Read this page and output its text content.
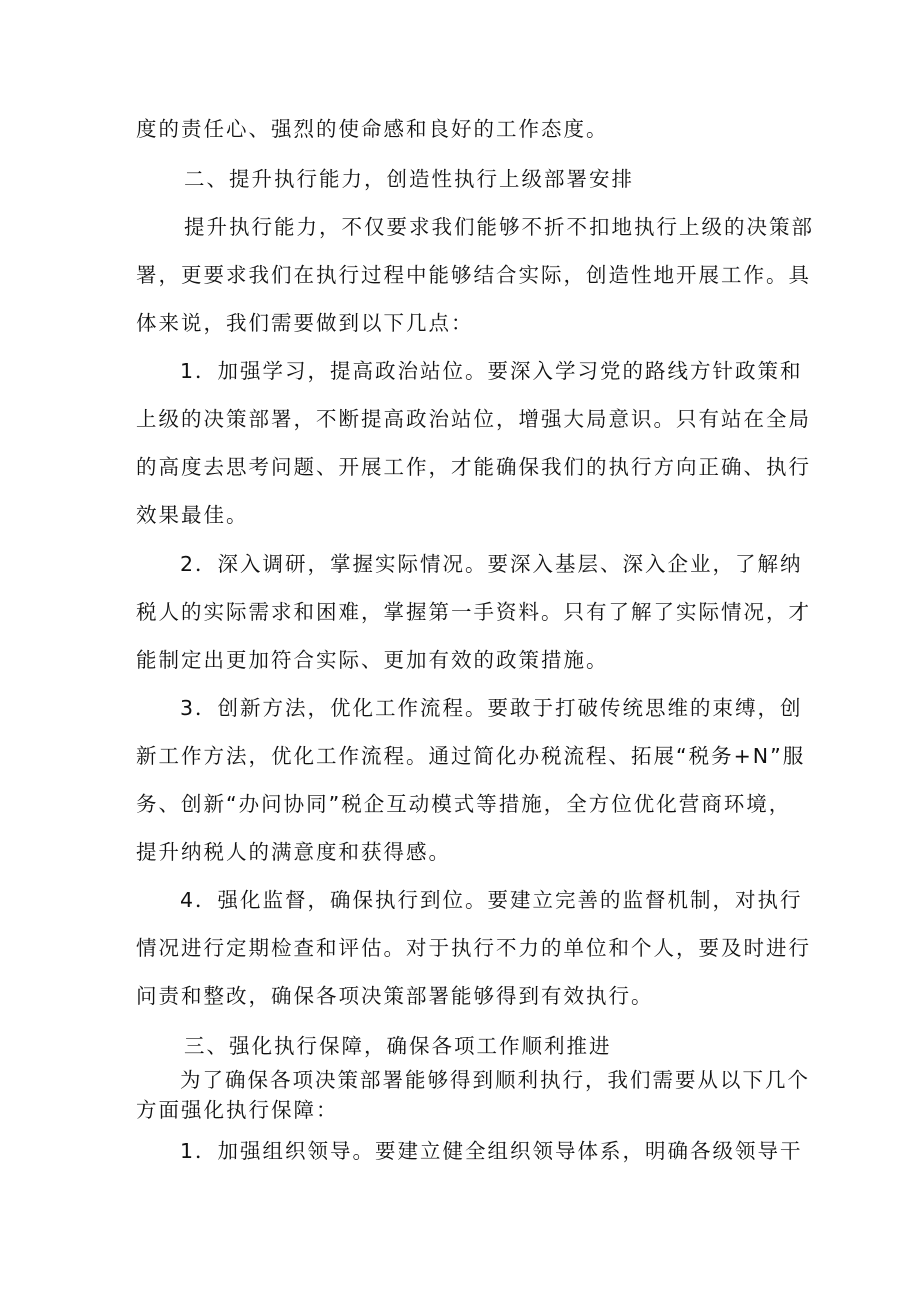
度的责任心、强烈的使命感和良好的工作态度。
二、提升执行能力，创造性执行上级部署安排
提升执行能力，不仅要求我们能够不折不扣地执行上级的决策部
署，更要求我们在执行过程中能够结合实际，创造性地开展工作。具
体来说，我们需要做到以下几点：
1．加强学习，提高政治站位。要深入学习党的路线方针政策和
上级的决策部署，不断提高政治站位，增强大局意识。只有站在全局
的高度去思考问题、开展工作，才能确保我们的执行方向正确、执行
效果最佳。
2．深入调研，掌握实际情况。要深入基层、深入企业，了解纳
税人的实际需求和困难，掌握第一手资料。只有了解了实际情况，才
能制定出更加符合实际、更加有效的政策措施。
3．创新方法，优化工作流程。要敢于打破传统思维的束缚，创
新工作方法，优化工作流程。通过简化办税流程、拓展“税务+N”服
务、创新“办问协同”税企互动模式等措施，全方位优化营商环境，
提升纳税人的满意度和获得感。
4．强化监督，确保执行到位。要建立完善的监督机制，对执行
情况进行定期检查和评估。对于执行不力的单位和个人，要及时进行
问责和整改，确保各项决策部署能够得到有效执行。
三、强化执行保障，确保各项工作顺利推进
为了确保各项决策部署能够得到顺利执行，我们需要从以下几个
方面强化执行保障：
1．加强组织领导。要建立健全组织领导体系，明确各级领导干
